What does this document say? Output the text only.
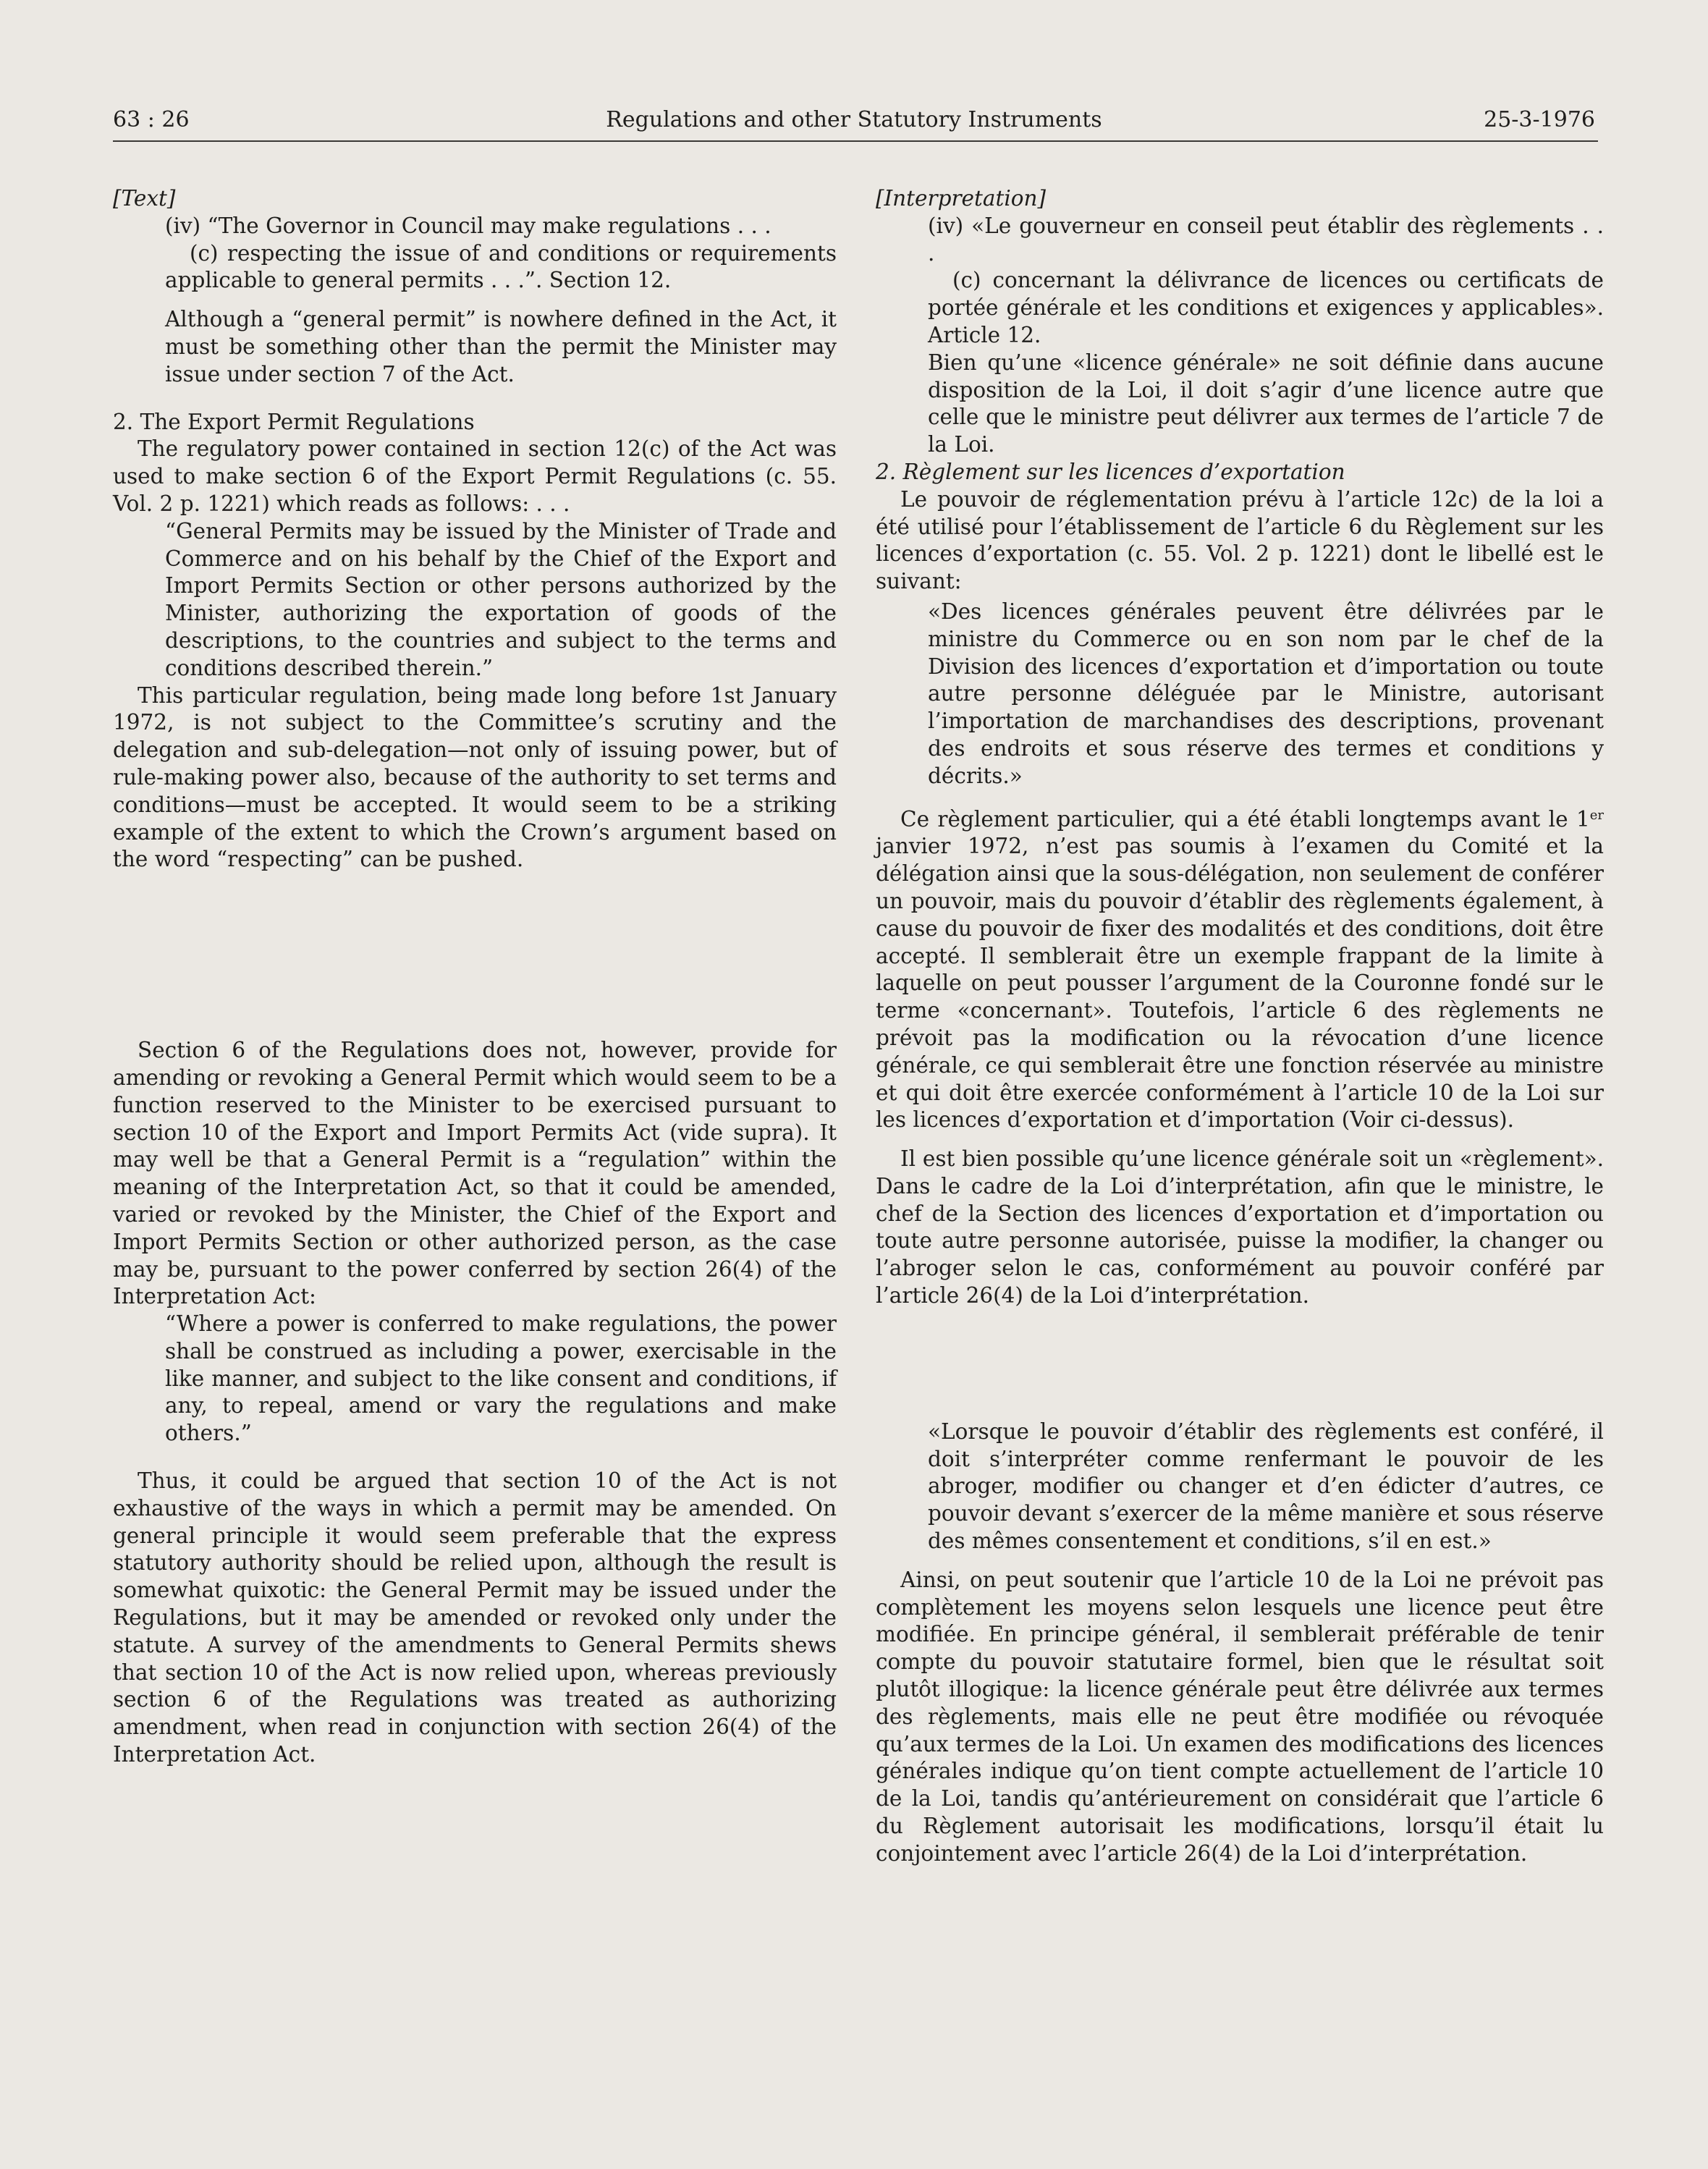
63 : 26	Regulations and other Statutory Instruments	25-3-1976

[Text]

(iv) “The Governor in Council may make regulations . . .

(c) respecting the issue of and conditions or requirements applicable to general permits . . .”. Section 12.

Although a “general permit” is nowhere defined in the Act, it must be something other than the permit the Minister may issue under section 7 of the Act.

2. The Export Permit Regulations

The regulatory power contained in section 12(c) of the Act was used to make section 6 of the Export Permit Regulations (c. 55. Vol. 2 p. 1221) which reads as follows: . . .

“General Permits may be issued by the Minister of Trade and Commerce and on his behalf by the Chief of the Export and Import Permits Section or other persons authorized by the Minister, authorizing the exportation of goods of the descriptions, to the countries and subject to the terms and conditions described therein.”

This particular regulation, being made long before 1st January 1972, is not subject to the Committee’s scrutiny and the delegation and sub-delegation—not only of issuing power, but of rule-making power also, because of the authority to set terms and conditions—must be accepted. It would seem to be a striking example of the extent to which the Crown’s argument based on the word “respecting” can be pushed.

Section 6 of the Regulations does not, however, provide for amending or revoking a General Permit which would seem to be a function reserved to the Minister to be exercised pursuant to section 10 of the Export and Import Permits Act (vide supra). It may well be that a General Permit is a “regulation” within the meaning of the Interpretation Act, so that it could be amended, varied or revoked by the Minister, the Chief of the Export and Import Permits Section or other authorized person, as the case may be, pursuant to the power conferred by section 26(4) of the Interpretation Act:

“Where a power is conferred to make regulations, the power shall be construed as including a power, exercisable in the like manner, and subject to the like consent and conditions, if any, to repeal, amend or vary the regulations and make others.”

Thus, it could be argued that section 10 of the Act is not exhaustive of the ways in which a permit may be amended. On general principle it would seem preferable that the express statutory authority should be relied upon, although the result is somewhat quixotic: the General Permit may be issued under the Regulations, but it may be amended or revoked only under the statute. A survey of the amendments to General Permits shews that section 10 of the Act is now relied upon, whereas previously section 6 of the Regulations was treated as authorizing amendment, when read in conjunction with section 26(4) of the Interpretation Act.

[Interpretation]

(iv) «Le gouverneur en conseil peut établir des règlements . . .

(c) concernant la délivrance de licences ou certificats de portée générale et les conditions et exigences y applicables». Article 12.

Bien qu’une «licence générale» ne soit définie dans aucune disposition de la Loi, il doit s’agir d’une licence autre que celle que le ministre peut délivrer aux termes de l’article 7 de la Loi.

2. Règlement sur les licences d’exportation

Le pouvoir de réglementation prévu à l’article 12c) de la loi a été utilisé pour l’établissement de l’article 6 du Règlement sur les licences d’exportation (c. 55. Vol. 2 p. 1221) dont le libellé est le suivant:

«Des licences générales peuvent être délivrées par le ministre du Commerce ou en son nom par le chef de la Division des licences d’exportation et d’importation ou toute autre personne déléguée par le Ministre, autorisant l’importation de marchandises des descriptions, provenant des endroits et sous réserve des termes et conditions y décrits.»

Ce règlement particulier, qui a été établi longtemps avant le 1er janvier 1972, n’est pas soumis à l’examen du Comité et la délégation ainsi que la sous-délégation, non seulement de conférer un pouvoir, mais du pouvoir d’établir des règlements également, à cause du pouvoir de fixer des modalités et des conditions, doit être accepté. Il semblerait être un exemple frappant de la limite à laquelle on peut pousser l’argument de la Couronne fondé sur le terme «concernant». Toutefois, l’article 6 des règlements ne prévoit pas la modification ou la révocation d’une licence générale, ce qui semblerait être une fonction réservée au ministre et qui doit être exercée conformément à l’article 10 de la Loi sur les licences d’exportation et d’importation (Voir ci-dessus).

Il est bien possible qu’une licence générale soit un «règlement». Dans le cadre de la Loi d’interprétation, afin que le ministre, le chef de la Section des licences d’exportation et d’importation ou toute autre personne autorisée, puisse la modifier, la changer ou l’abroger selon le cas, conformément au pouvoir conféré par l’article 26(4) de la Loi d’interprétation.

«Lorsque le pouvoir d’établir des règlements est conféré, il doit s’interpréter comme renfermant le pouvoir de les abroger, modifier ou changer et d’en édicter d’autres, ce pouvoir devant s’exercer de la même manière et sous réserve des mêmes consentement et conditions, s’il en est.»

Ainsi, on peut soutenir que l’article 10 de la Loi ne prévoit pas complètement les moyens selon lesquels une licence peut être modifiée. En principe général, il semblerait préférable de tenir compte du pouvoir statutaire formel, bien que le résultat soit plutôt illogique: la licence générale peut être délivrée aux termes des règlements, mais elle ne peut être modifiée ou révoquée qu’aux termes de la Loi. Un examen des modifications des licences générales indique qu’on tient compte actuellement de l’article 10 de la Loi, tandis qu’antérieurement on considérait que l’article 6 du Règlement autorisait les modifications, lorsqu’il était lu conjointement avec l’article 26(4) de la Loi d’interprétation.
